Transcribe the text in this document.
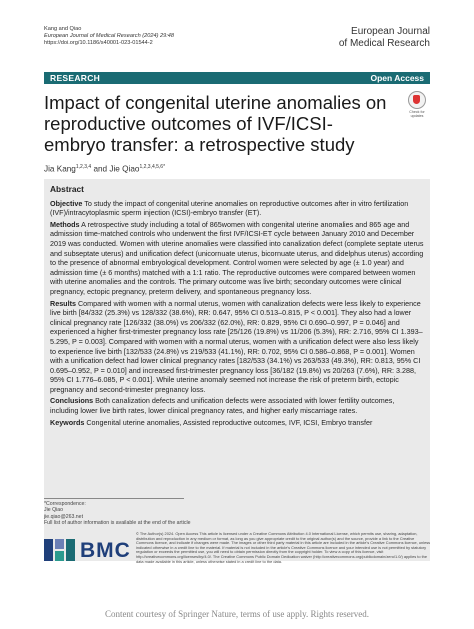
Kang and Qiao
European Journal of Medical Research (2024) 29:48
https://doi.org/10.1186/s40001-023-01544-2
European Journal
of Medical Research
RESEARCH	Open Access
Impact of congenital uterine anomalies on reproductive outcomes of IVF/ICSI-embryo transfer: a retrospective study
Check for updates
Jia Kang$^{1,2,3,4}$ and Jie Qiao$^{1,2,3,4,5,6*}$
Abstract

Objective To study the impact of congenital uterine anomalies on reproductive outcomes after in vitro fertilization (IVF)/intracytoplasmic sperm injection (ICSI)-embryo transfer (ET).

Methods A retrospective study including a total of 865women with congenital uterine anomalies and 865 age and admission time-matched controls who underwent the first IVF/ICSI-ET cycle between January 2010 and December 2019 was conducted. Women with uterine anomalies were classified into canalization defect (complete septate uterus and subseptate uterus) and unification defect (unicornuate uterus, bicornuate uterus, and didelphus uterus) according to the presence of abnormal embryological development. Control women were selected by age (± 1.0 year) and admission time (± 6 months) matched with a 1:1 ratio. The reproductive outcomes were compared between women with uterine anomalies and the controls. The primary outcome was live birth; secondary outcomes were clinical pregnancy, ectopic pregnancy, preterm delivery, and spontaneous pregnancy loss.

Results Compared with women with a normal uterus, women with canalization defects were less likely to experience live birth [84/332 (25.3%) vs 128/332 (38.6%), RR: 0.647, 95% CI 0.513–0.815, P < 0.001]. They also had a lower clinical pregnancy rate [126/332 (38.0%) vs 206/332 (62.0%), RR: 0.829, 95% CI 0.690–0.997, P = 0.046] and experienced a higher first-trimester pregnancy loss rate [25/126 (19.8%) vs 11/206 (5.3%), RR: 2.716, 95% CI 1.393–5.295, P = 0.003]. Compared with women with a normal uterus, women with a unification defect were also less likely to experience live birth [132/533 (24.8%) vs 219/533 (41.1%), RR: 0.702, 95% CI 0.586–0.868, P = 0.001]. Women with a unification defect had lower clinical pregnancy rates [182/533 (34.1%) vs 263/533 (49.3%), RR: 0.813, 95% CI 0.695–0.952, P = 0.010] and increased first-trimester pregnancy loss [36/182 (19.8%) vs 20/263 (7.6%), RR: 3.288, 95% CI 1.776–6.085, P < 0.001]. While uterine anomaly seemed not increase the risk of preterm birth, ectopic pregnancy and second-trimester pregnancy loss.

Conclusions Both canalization defects and unification defects were associated with lower fertility outcomes, including lower live birth rates, lower clinical pregnancy rates, and higher early miscarriage rates.

Keywords Congenital uterine anomalies, Assisted reproductive outcomes, IVF, ICSI, Embryo transfer

*Correspondence:
Jie Qiao
jie.qiao@263.net
Full list of author information is available at the end of the article
BMC
© The Author(s) 2024. Open Access This article is licensed under a Creative Commons Attribution 4.0 International License, which permits use, sharing, adaptation, distribution and reproduction in any medium or format, as long as you give appropriate credit to the original author(s) and the source, provide a link to the Creative Commons licence, and indicate if changes were made. The images or other third party material in this article are included in the article's Creative Commons licence, unless indicated otherwise in a credit line to the material. If material is not included in the article's Creative Commons licence and your intended use is not permitted by statutory regulation or exceeds the permitted use, you will need to obtain permission directly from the copyright holder. To view a copy of this licence, visit http://creativecommons.org/licenses/by/4.0/. The Creative Commons Public Domain Dedication waiver (http://creativecommons.org/publicdomain/zero/1.0/) applies to the data made available in this article, unless otherwise stated in a credit line to the data.
Content courtesy of Springer Nature, terms of use apply. Rights reserved.
